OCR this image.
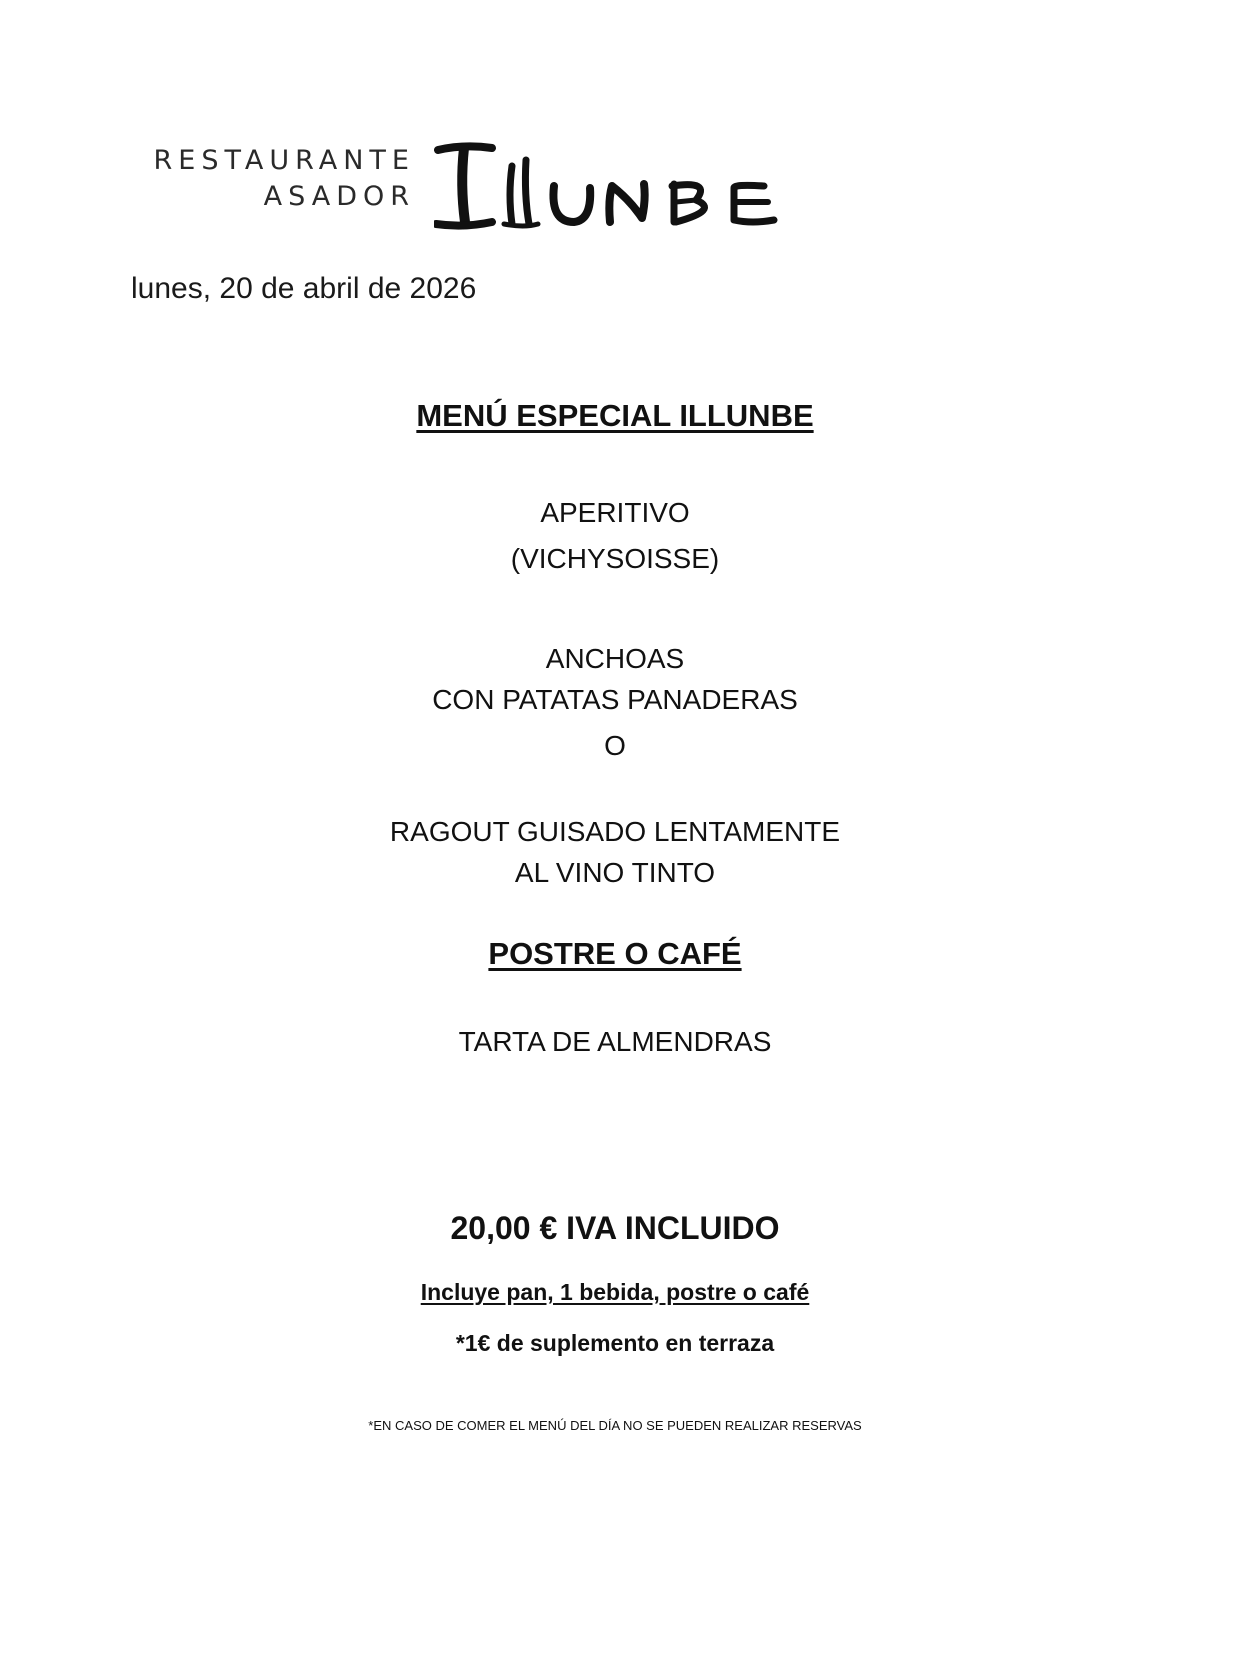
RESTAURANTE
ASADOR
lunes, 20 de abril de 2026
MENÚ ESPECIAL ILLUNBE
APERITIVO
(VICHYSOISSE)
ANCHOAS
CON PATATAS PANADERAS
O
RAGOUT GUISADO LENTAMENTE
AL VINO TINTO
POSTRE O CAFÉ
TARTA DE ALMENDRAS
20,00 € IVA INCLUIDO
Incluye pan, 1 bebida, postre o café
*1€ de suplemento en terraza
*EN CASO DE COMER EL MENÚ DEL DÍA NO SE PUEDEN REALIZAR RESERVAS
